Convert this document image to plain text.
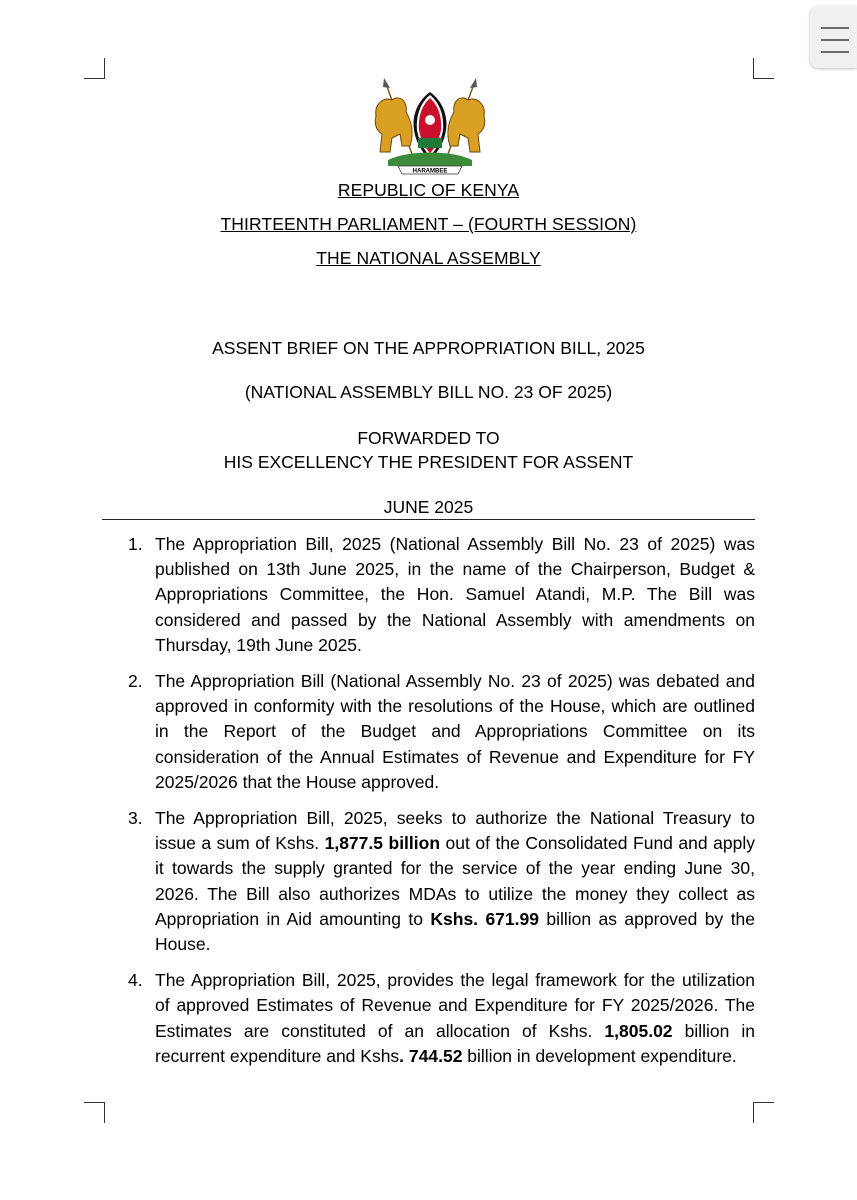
HARAMBEE
REPUBLIC OF KENYA
THIRTEENTH PARLIAMENT – (FOURTH SESSION)
THE NATIONAL ASSEMBLY
ASSENT BRIEF ON THE APPROPRIATION BILL, 2025
(NATIONAL ASSEMBLY BILL NO. 23 OF 2025)
FORWARDED TO
HIS EXCELLENCY THE PRESIDENT FOR ASSENT
JUNE 2025
1. The Appropriation Bill, 2025 (National Assembly Bill No. 23 of 2025) was published on 13th June 2025, in the name of the Chairperson, Budget & Appropriations Committee, the Hon. Samuel Atandi, M.P. The Bill was considered and passed by the National Assembly with amendments on Thursday, 19th June 2025.
2. The Appropriation Bill (National Assembly No. 23 of 2025) was debated and approved in conformity with the resolutions of the House, which are outlined in the Report of the Budget and Appropriations Committee on its consideration of the Annual Estimates of Revenue and Expenditure for FY 2025/2026 that the House approved.
3. The Appropriation Bill, 2025, seeks to authorize the National Treasury to issue a sum of Kshs. 1,877.5 billion out of the Consolidated Fund and apply it towards the supply granted for the service of the year ending June 30, 2026. The Bill also authorizes MDAs to utilize the money they collect as Appropriation in Aid amounting to Kshs. 671.99 billion as approved by the House.
4. The Appropriation Bill, 2025, provides the legal framework for the utilization of approved Estimates of Revenue and Expenditure for FY 2025/2026. The Estimates are constituted of an allocation of Kshs. 1,805.02 billion in recurrent expenditure and Kshs. 744.52 billion in development expenditure.
